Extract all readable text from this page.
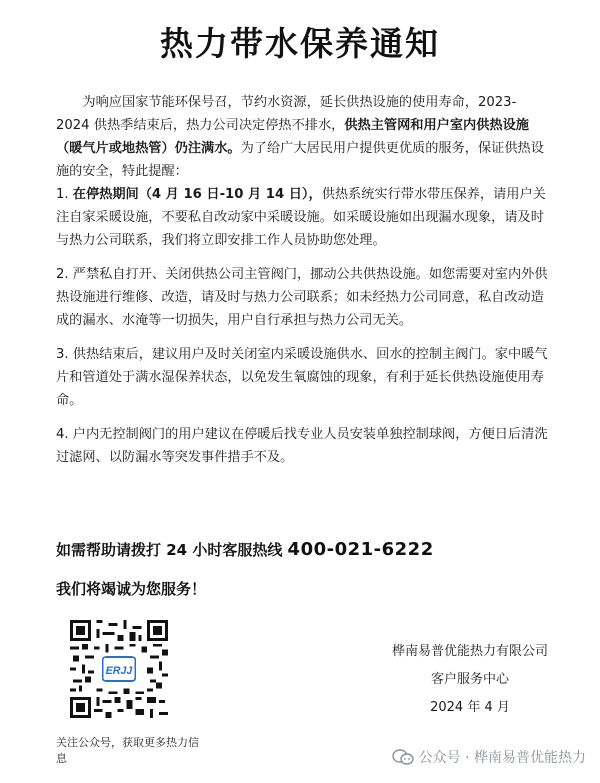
热力带水保养通知
为响应国家节能环保号召，节约水资源，延长供热设施的使用寿命，2023-2024 供热季结束后，热力公司决定停热不排水，供热主管网和用户室内供热设施（暖气片或地热管）仍注满水。为了给广大居民用户提供更优质的服务，保证供热设施的安全，特此提醒：

1. 在停热期间（4 月 16 日-10 月 14 日），供热系统实行带水带压保养，请用户关注自家采暖设施，不要私自改动家中采暖设施。如采暖设施如出现漏水现象，请及时与热力公司联系，我们将立即安排工作人员协助您处理。

2. 严禁私自打开、关闭供热公司主管阀门，挪动公共供热设施。如您需要对室内外供热设施进行维修、改造，请及时与热力公司联系；如未经热力公司同意，私自改动造成的漏水、水淹等一切损失，用户自行承担与热力公司无关。

3. 供热结束后，建议用户及时关闭室内采暖设施供水、回水的控制主阀门。家中暖气片和管道处于满水湿保养状态，以免发生氧腐蚀的现象，有利于延长供热设施使用寿命。

4. 户内无控制阀门的用户建议在停暖后找专业人员安装单独控制球阀，方便日后清洗过滤网、以防漏水等突发事件措手不及。

如需帮助请拨打 24 小时客服热线 400-021-6222
我们将竭诚为您服务！
ERJJ
关注公众号，获取更多热力信息
桦南易普优能热力有限公司
客户服务中心
2024 年 4 月
公众号 · 桦南易普优能热力
